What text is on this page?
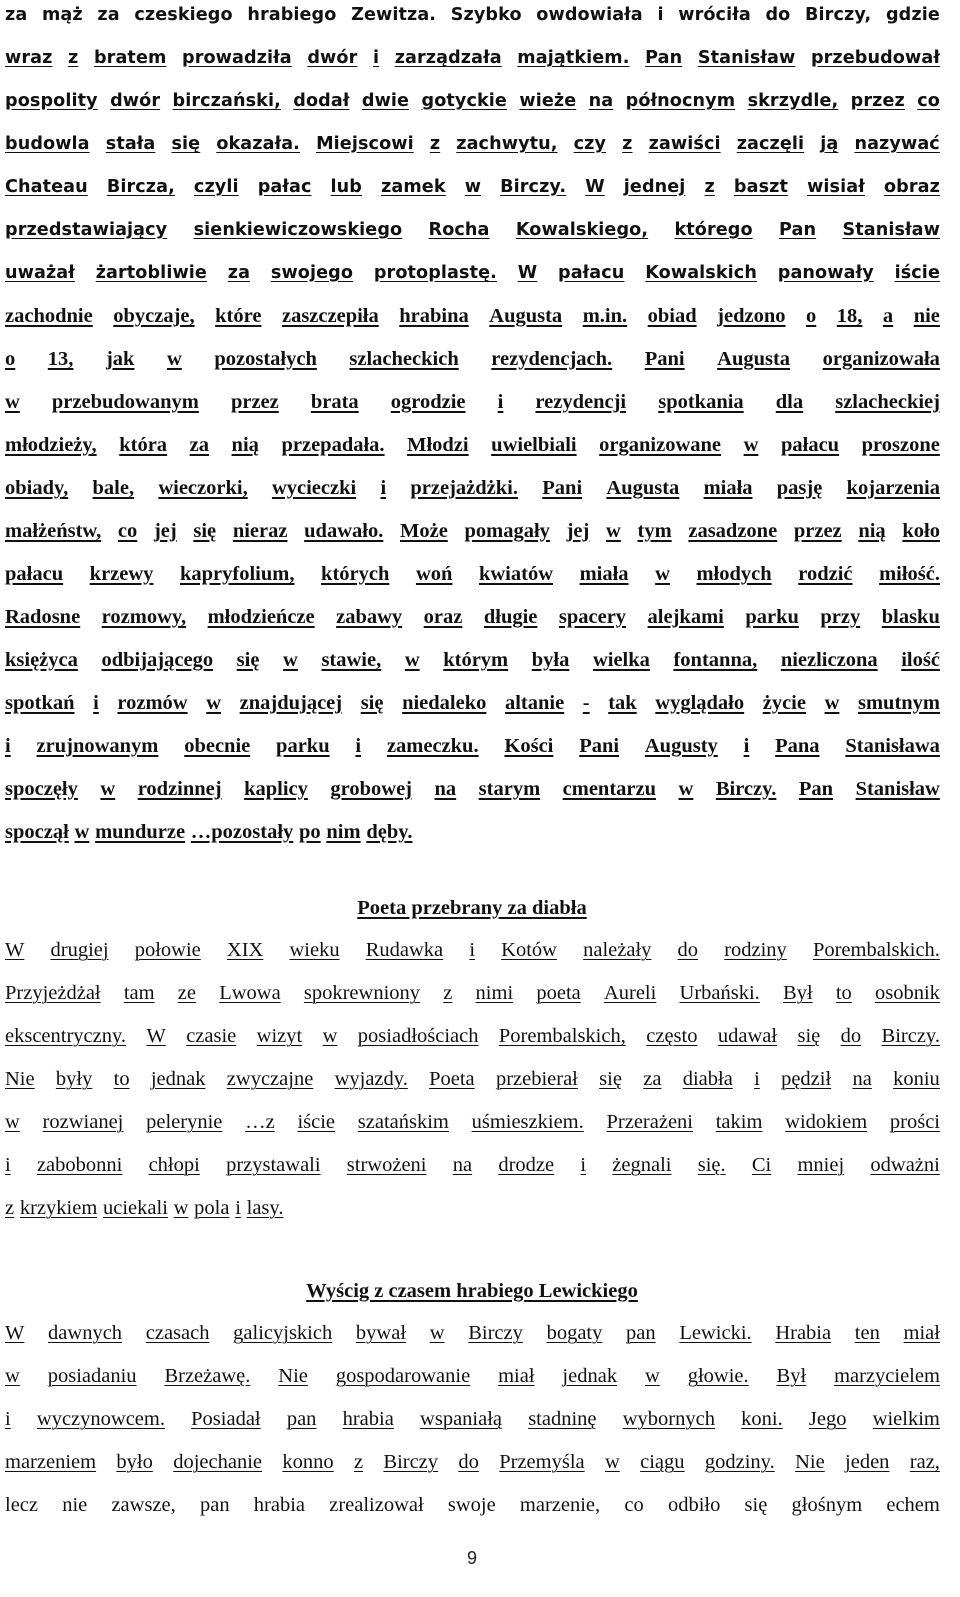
za mąż za czeskiego hrabiego Zewitza. Szybko owdowiała i wróciła do Birczy, gdzie
wraz z bratem prowadziła dwór i zarządzała majątkiem. Pan Stanisław przebudował
pospolity dwór birczański, dodał dwie gotyckie wieże na północnym skrzydle, przez co
budowla stała się okazała. Miejscowi z zachwytu, czy z zawiści zaczęli ją nazywać
Chateau Bircza, czyli pałac lub zamek w Birczy. W jednej z baszt wisiał obraz
przedstawiający sienkiewiczowskiego Rocha Kowalskiego, którego Pan Stanisław
uważał żartobliwie za swojego protoplastę. W pałacu Kowalskich panowały iście
zachodnie obyczaje, które zaszczepiła hrabina Augusta m.in. obiad jedzono o 18, a nie
o 13, jak w pozostałych szlacheckich rezydencjach. Pani Augusta organizowała
w przebudowanym przez brata ogrodzie i rezydencji spotkania dla szlacheckiej
młodzieży, która za nią przepadała. Młodzi uwielbiali organizowane w pałacu proszone
obiady, bale, wieczorki, wycieczki i przejażdżki. Pani Augusta miała pasję kojarzenia
małżeństw, co jej się nieraz udawało. Może pomagały jej w tym zasadzone przez nią koło
pałacu krzewy kapryfolium, których woń kwiatów miała w młodych rodzić miłość.
Radosne rozmowy, młodzieńcze zabawy oraz długie spacery alejkami parku przy blasku
księżyca odbijającego się w stawie, w którym była wielka fontanna, niezliczona ilość
spotkań i rozmów w znajdującej się niedaleko altanie - tak wyglądało życie w smutnym
i zrujnowanym obecnie parku i zameczku. Kości Pani Augusty i Pana Stanisława
spoczęły w rodzinnej kaplicy grobowej na starym cmentarzu w Birczy. Pan Stanisław
spoczął w mundurze …pozostały po nim dęby.
Poeta przebrany za diabła
W drugiej połowie XIX wieku Rudawka i Kotów należały do rodziny Porembalskich.
Przyjeżdżał tam ze Lwowa spokrewniony z nimi poeta Aureli Urbański. Był to osobnik
ekscentryczny. W czasie wizyt w posiadłościach Porembalskich, często udawał się do Birczy.
Nie były to jednak zwyczajne wyjazdy. Poeta przebierał się za diabła i pędził na koniu
w rozwianej pelerynie …z iście szatańskim uśmieszkiem. Przerażeni takim widokiem prości
i zabobonni chłopi przystawali strwożeni na drodze i żegnali się. Ci mniej odważni
z krzykiem uciekali w pola i lasy.
Wyścig z czasem hrabiego Lewickiego
W dawnych czasach galicyjskich bywał w Birczy bogaty pan Lewicki. Hrabia ten miał
w posiadaniu Brzeżawę. Nie gospodarowanie miał jednak w głowie. Był marzycielem
i wyczynowcem. Posiadał pan hrabia wspaniałą stadninę wybornych koni. Jego wielkim
marzeniem było dojechanie konno z Birczy do Przemyśla w ciągu godziny. Nie jeden raz,
lecz nie zawsze, pan hrabia zrealizował swoje marzenie, co odbiło się głośnym echem
9
